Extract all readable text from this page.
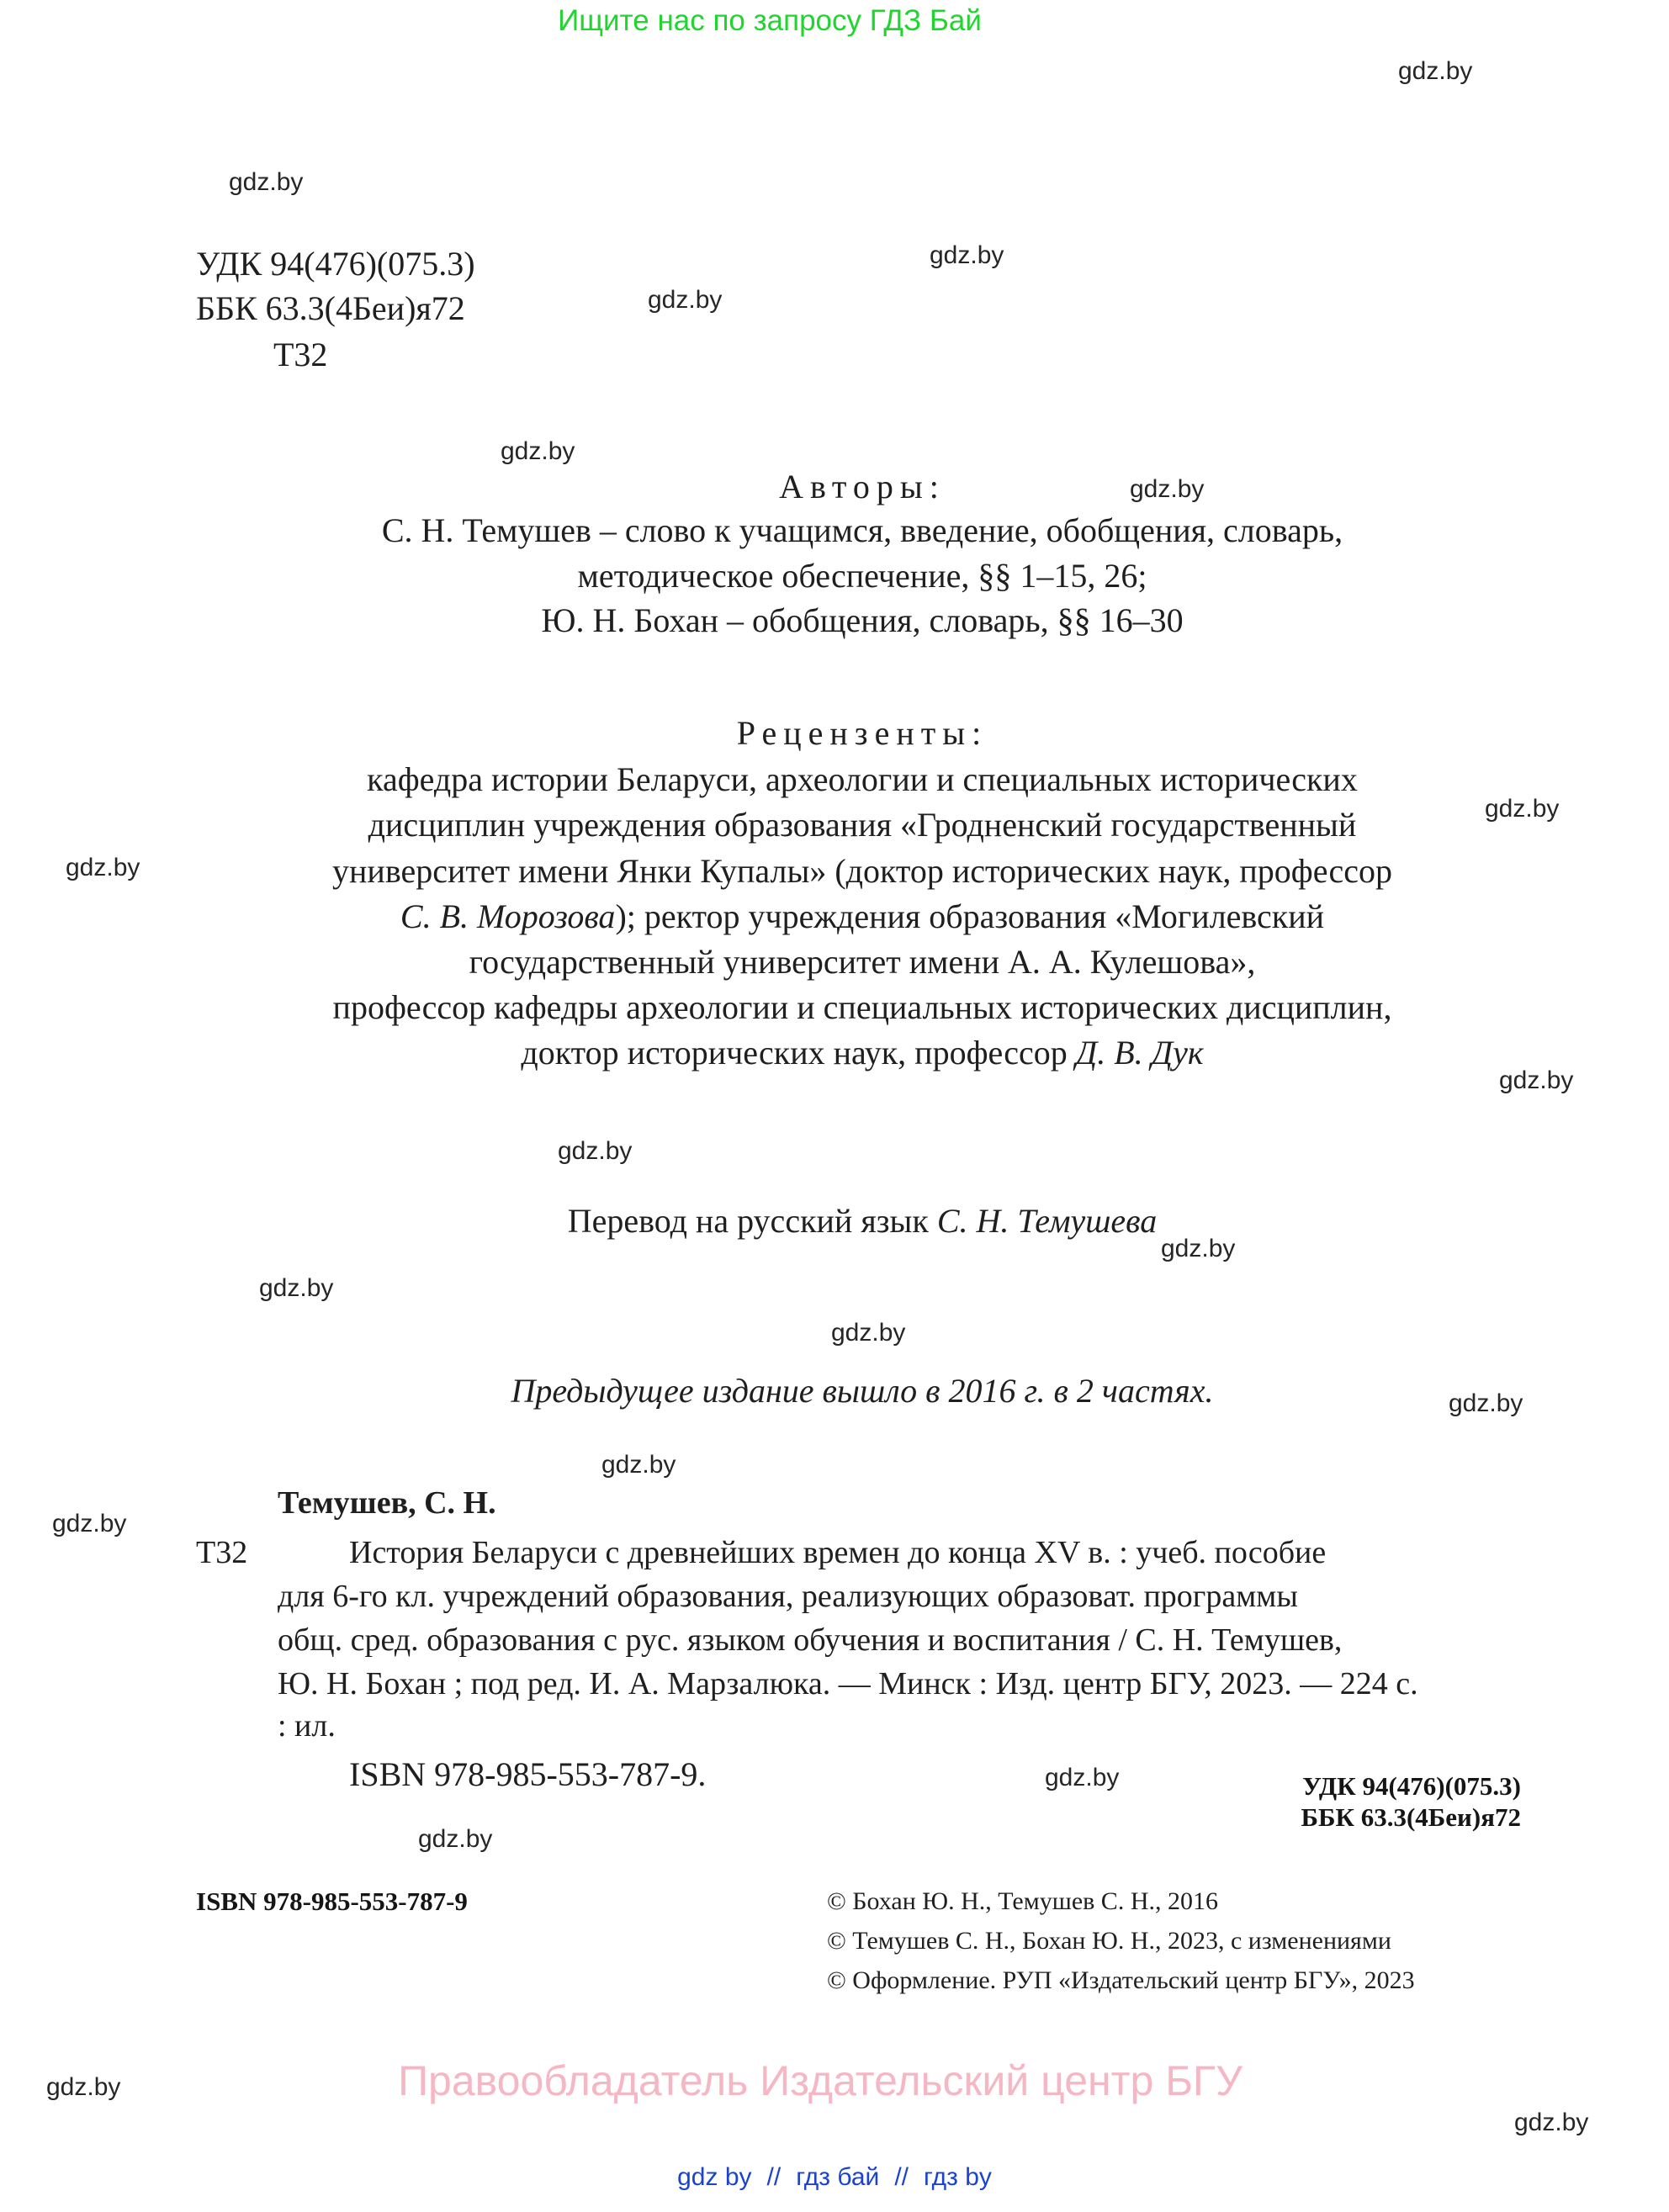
Ищите нас по запросу ГДЗ Бай
gdz.by
gdz.by
gdz.by
gdz.by
gdz.by
gdz.by
gdz.by
gdz.by
gdz.by
gdz.by
gdz.by
gdz.by
gdz.by
gdz.by
gdz.by
gdz.by
gdz.by
gdz.by
gdz.by
gdz.by
УДК 94(476)(075.3)
ББК 63.3(4Беи)я72
Т32
Авторы:
С. Н. Темушев – слово к учащимся, введение, обобщения, словарь,
методическое обеспечение, §§ 1–15, 26;
Ю. Н. Бохан – обобщения, словарь, §§ 16–30
Рецензенты:
кафедра истории Беларуси, археологии и специальных исторических
дисциплин учреждения образования «Гродненский государственный
университет имени Янки Купалы» (доктор исторических наук, профессор
С. В. Морозова); ректор учреждения образования «Могилевский
государственный университет имени А. А. Кулешова»,
профессор кафедры археологии и специальных исторических дисциплин,
доктор исторических наук, профессор Д. В. Дук
Перевод на русский язык С. Н. Темушева
Предыдущее издание вышло в 2016 г. в 2 частях.
Темушев, С. Н.
Т32	История Беларуси с древнейших времен до конца XV в. : учеб. пособие
для 6-го кл. учреждений образования, реализующих образоват. программы
общ. сред. образования с рус. языком обучения и воспитания / С. Н. Темушев,
Ю. Н. Бохан ; под ред. И. А. Марзалюка. — Минск : Изд. центр БГУ, 2023. — 224 с.
: ил.
ISBN 978-985-553-787-9.	УДК 94(476)(075.3)
ББК 63.3(4Беи)я72
ISBN 978-985-553-787-9	© Бохан Ю. Н., Темушев С. Н., 2016
© Темушев С. Н., Бохан Ю. Н., 2023, с изменениями
© Оформление. РУП «Издательский центр БГУ», 2023
Правообладатель Издательский центр БГУ
gdz by // гдз бай // гдз by
